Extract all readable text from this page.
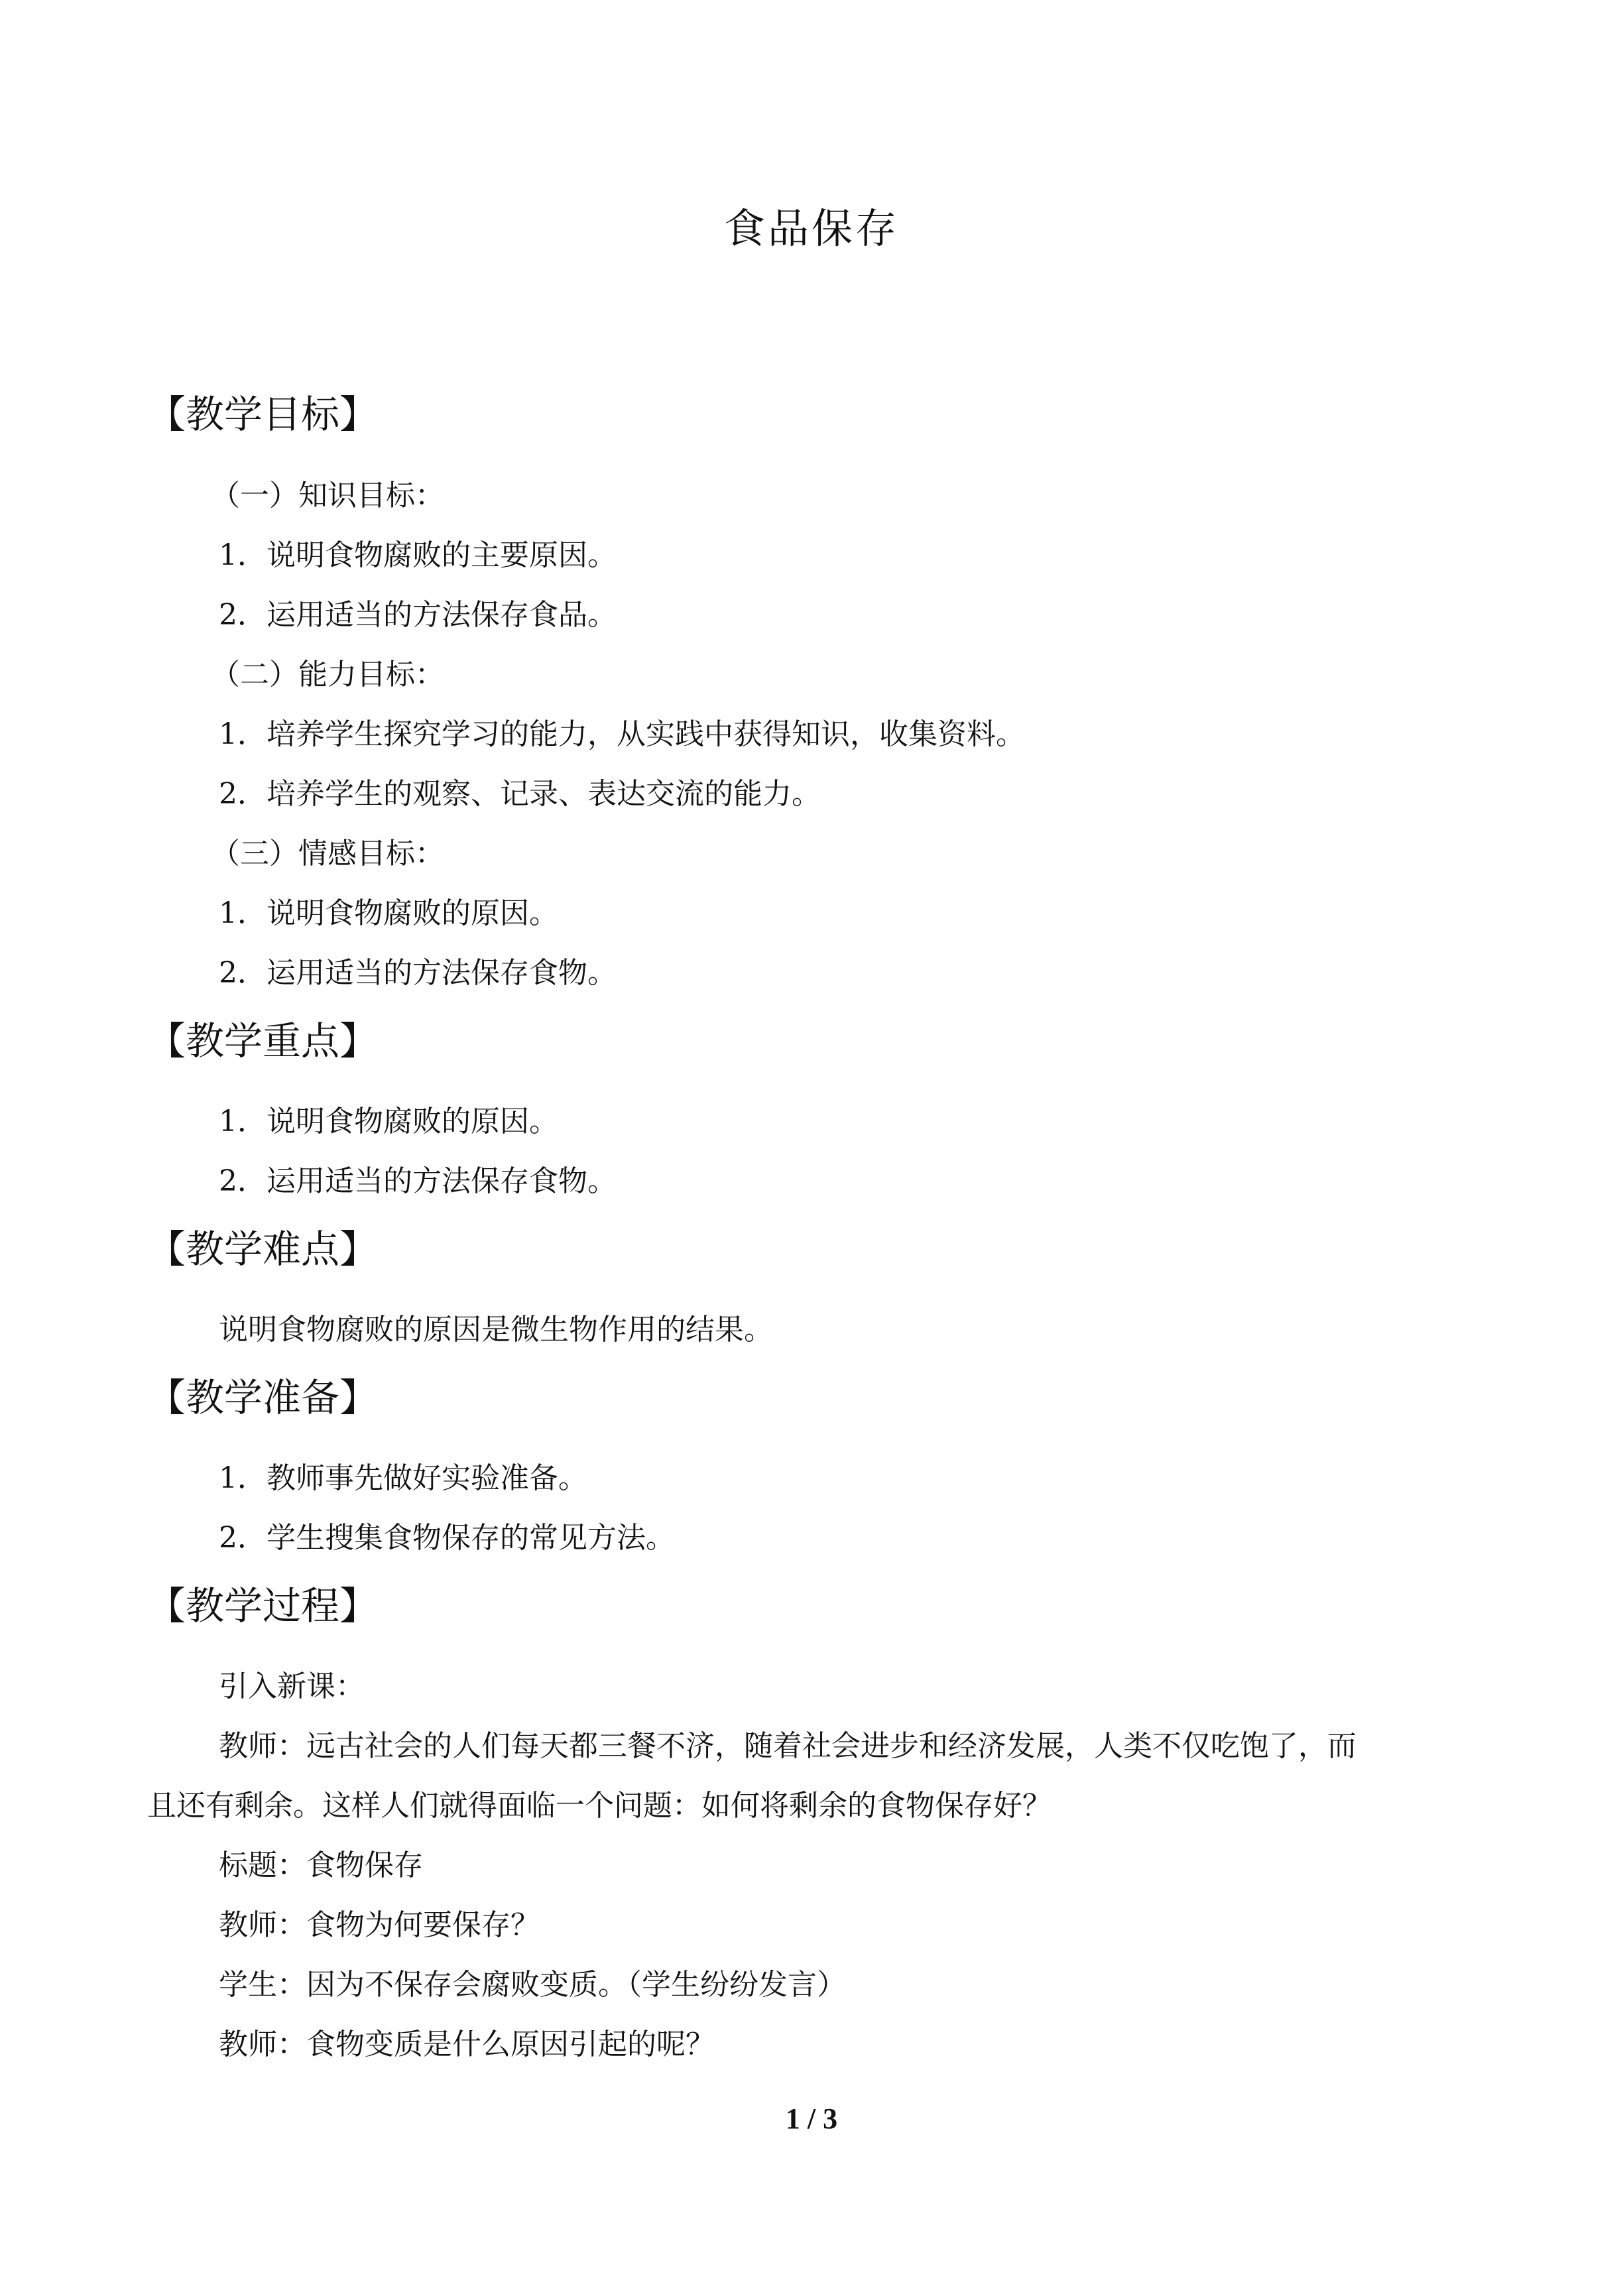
食品保存
【教学目标】
（一）知识目标：
1．说明食物腐败的主要原因。
2．运用适当的方法保存食品。
（二）能力目标：
1．培养学生探究学习的能力，从实践中获得知识，收集资料。
2．培养学生的观察、记录、表达交流的能力。
（三）情感目标：
1．说明食物腐败的原因。
2．运用适当的方法保存食物。
【教学重点】
1．说明食物腐败的原因。
2．运用适当的方法保存食物。
【教学难点】
说明食物腐败的原因是微生物作用的结果。
【教学准备】
1．教师事先做好实验准备。
2．学生搜集食物保存的常见方法。
【教学过程】
引入新课：
教师：远古社会的人们每天都三餐不济，随着社会进步和经济发展，人类不仅吃饱了，而
且还有剩余。这样人们就得面临一个问题：如何将剩余的食物保存好？
标题：食物保存
教师：食物为何要保存？
学生：因为不保存会腐败变质。（学生纷纷发言）
教师：食物变质是什么原因引起的呢？
1 / 3
